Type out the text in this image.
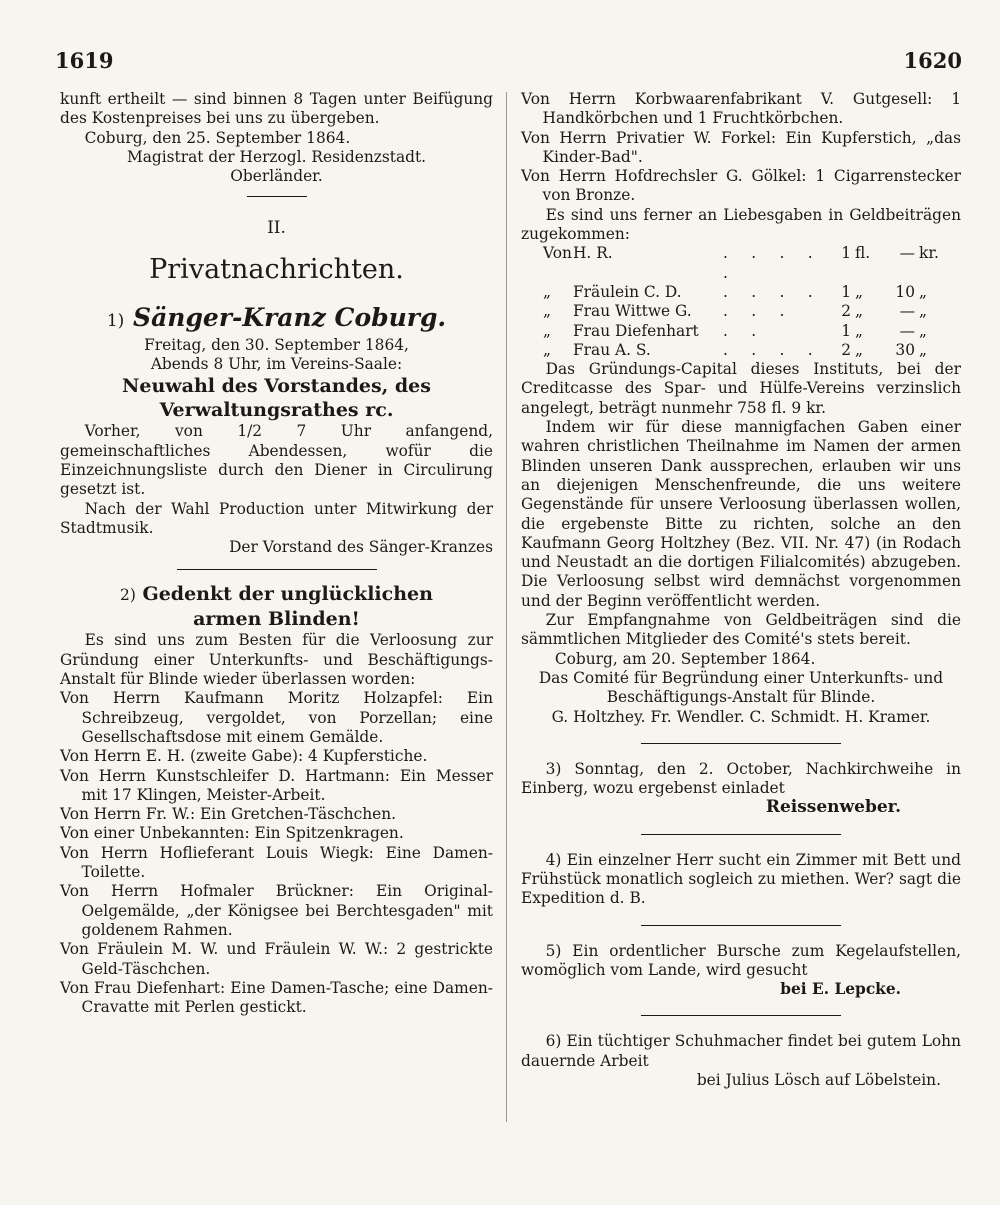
1619	1620

kunft ertheilt — sind binnen 8 Tagen unter Beifügung des Kostenpreises bei uns zu übergeben.

Coburg, den 25. September 1864.

Magistrat der Herzogl. Residenzstadt.

Oberländer.

II.

Privatnachrichten.

1) Sänger-Kranz Coburg.

Freitag, den 30. September 1864,

Abends 8 Uhr, im Vereins-Saale:

Neuwahl des Vorstandes, des Verwaltungsrathes rc.

Vorher, von 1/2 7 Uhr anfangend, gemeinschaftliches Abendessen, wofür die Einzeichnungsliste durch den Diener in Circulirung gesetzt ist.

Nach der Wahl Production unter Mitwirkung der Stadtmusik.

Der Vorstand des Sänger-Kranzes

2) Gedenkt der unglücklichen

armen Blinden!

Es sind uns zum Besten für die Verloosung zur Gründung einer Unterkunfts- und Beschäftigungs-Anstalt für Blinde wieder überlassen worden:

Von Herrn Kaufmann Moritz Holzapfel: Ein Schreibzeug, vergoldet, von Porzellan; eine Gesellschaftsdose mit einem Gemälde.

Von Herrn E. H. (zweite Gabe): 4 Kupferstiche.

Von Herrn Kunstschleifer D. Hartmann: Ein Messer mit 17 Klingen, Meister-Arbeit.

Von Herrn Fr. W.: Ein Gretchen-Täschchen.

Von einer Unbekannten: Ein Spitzenkragen.

Von Herrn Hoflieferant Louis Wiegk: Eine Damen-Toilette.

Von Herrn Hofmaler Brückner: Ein Original-Oelgemälde, „der Königsee bei Berchtesgaden" mit goldenem Rahmen.

Von Fräulein M. W. und Fräulein W. W.: 2 gestrickte Geld-Täschchen.

Von Frau Diefenhart: Eine Damen-Tasche; eine Damen-Cravatte mit Perlen gestickt.

Von Herrn Korbwaarenfabrikant V. Gutgesell: 1 Handkörbchen und 1 Fruchtkörbchen.

Von Herrn Privatier W. Forkel: Ein Kupferstich, „das Kinder-Bad".

Von Herrn Hofdrechsler G. Gölkel: 1 Cigarrenstecker von Bronze.

Es sind uns ferner an Liebesgaben in Geldbeiträgen zugekommen:

Von	H. R.	. . . . .	1	fl.	—	kr.
„	Fräulein C. D.	. . . .	1	„	10	„
„	Frau Wittwe G.	. . .	2	„	—	„
„	Frau Diefenhart	. .	1	„	—	„
„	Frau A. S.	. . . .	2	„	30	„

Das Gründungs-Capital dieses Instituts, bei der Creditcasse des Spar- und Hülfe-Vereins verzinslich angelegt, beträgt nunmehr 758 fl. 9 kr.

Indem wir für diese mannigfachen Gaben einer wahren christlichen Theilnahme im Namen der armen Blinden unseren Dank aussprechen, erlauben wir uns an diejenigen Menschenfreunde, die uns weitere Gegenstände für unsere Verloosung überlassen wollen, die ergebenste Bitte zu richten, solche an den Kaufmann Georg Holtzhey (Bez. VII. Nr. 47) (in Rodach und Neustadt an die dortigen Filialcomités) abzugeben. Die Verloosung selbst wird demnächst vorgenommen und der Beginn veröffentlicht werden.

Zur Empfangnahme von Geldbeiträgen sind die sämmtlichen Mitglieder des Comité's stets bereit.

Coburg, am 20. September 1864.

Das Comité für Begründung einer Unterkunfts- und Beschäftigungs-Anstalt für Blinde.

G. Holtzhey. Fr. Wendler. C. Schmidt. H. Kramer.

3) Sonntag, den 2. October, Nachkirchweihe in Einberg, wozu ergebenst einladet

Reissenweber.

4) Ein einzelner Herr sucht ein Zimmer mit Bett und Frühstück monatlich sogleich zu miethen. Wer? sagt die Expedition d. B.

5) Ein ordentlicher Bursche zum Kegelaufstellen, womöglich vom Lande, wird gesucht

bei E. Lepcke.

6) Ein tüchtiger Schuhmacher findet bei gutem Lohn dauernde Arbeit

bei Julius Lösch auf Löbelstein.
